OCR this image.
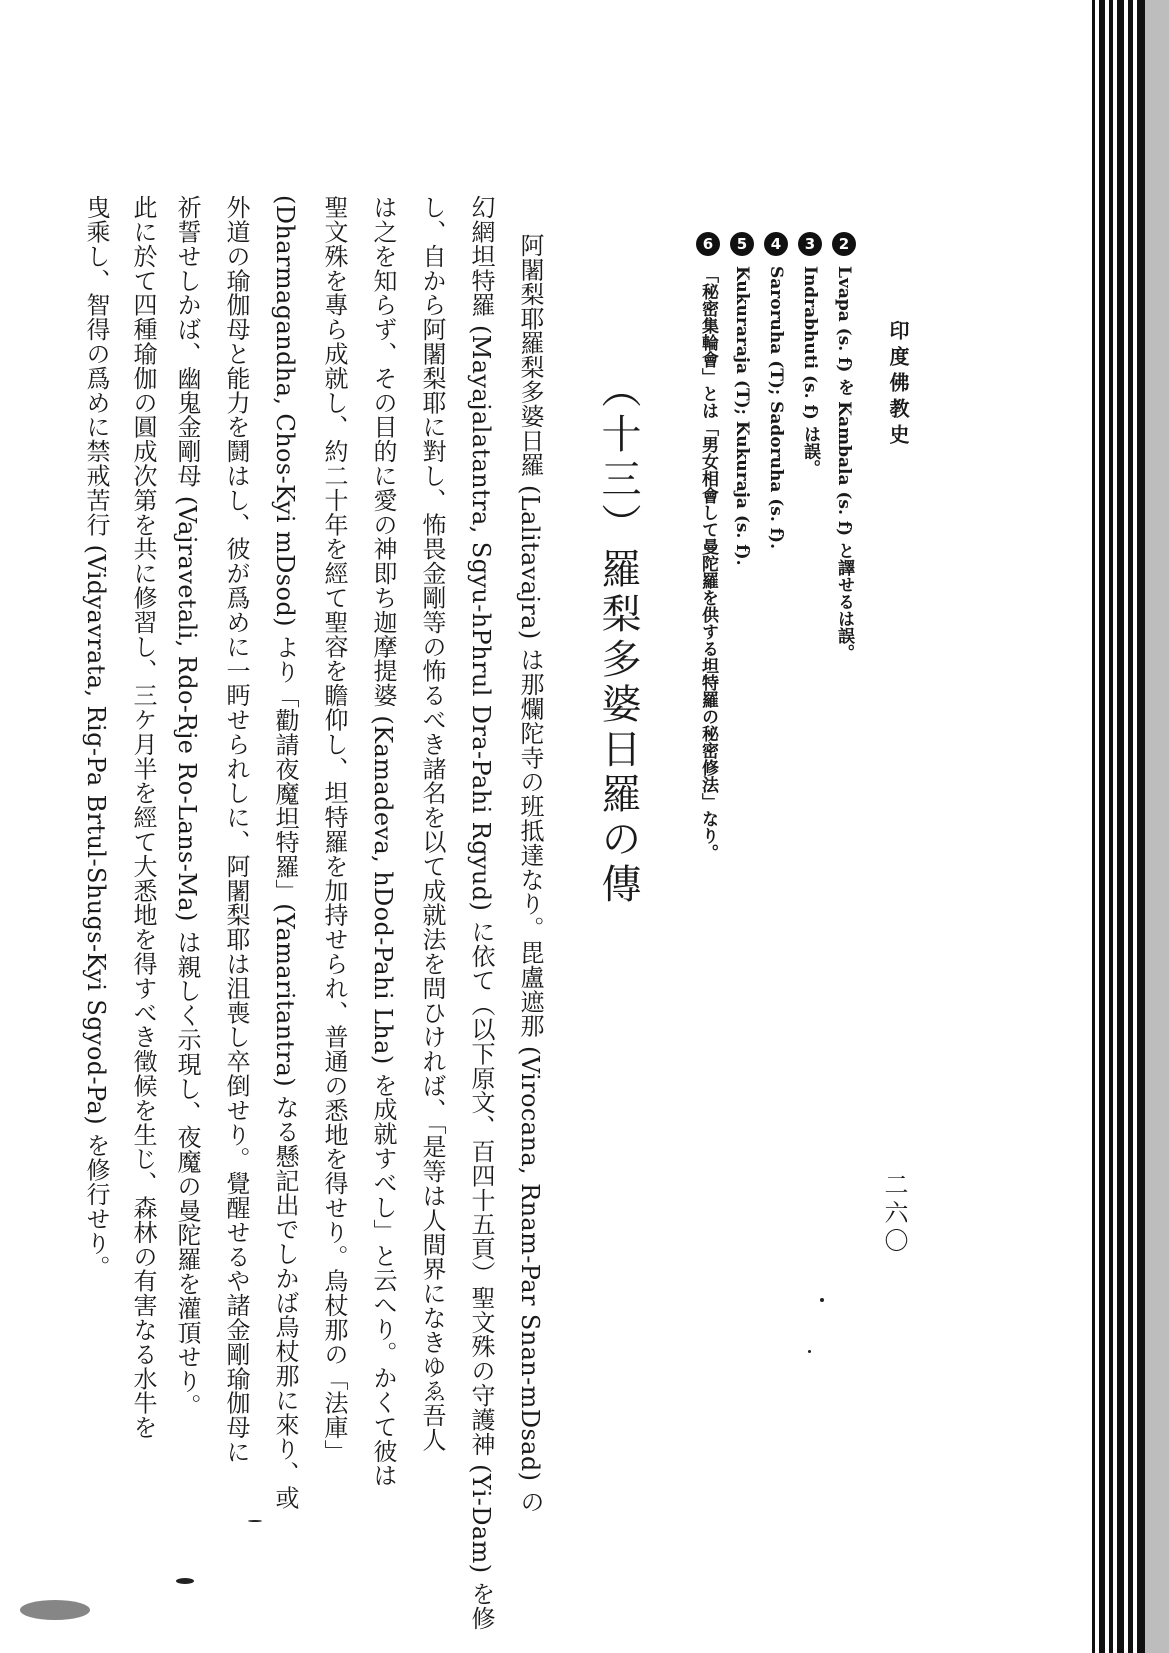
印度佛教史
二六〇
2Lvapa (s. f) を Kambala (s. f) と譯せるは誤。
3Indrabhuti (s. f) は誤。
4Saroruha (T); Sadoruha (s. f).
5Kukuraraja (T); Kukuraja (s. f).
6「秘密集輪會」とは「男女相會して曼陀羅を供する坦特羅の秘密修法」なり。
（十三）羅梨多婆日羅の傳
阿闍梨耶羅梨多婆日羅 (Lalitavajra) は那爛陀寺の班抵達なり。毘盧遮那 (Virocana, Rnam-Par Snan-mDsad) の
幻網坦特羅 (Mayajalatantra, Sgyu-hPhrul Dra-Pahi Rgyud) に依て（以下原文、百四十五頁）聖文殊の守護神 (Yi-Dam) を修
し、自から阿闍梨耶に對し、怖畏金剛等の怖るべき諸名を以て成就法を問ひければ、「是等は人間界になきゆゑ吾人
は之を知らず、その目的に愛の神即ち迦摩提婆 (Kamadeva, hDod-Pahi Lha) を成就すべし」と云へり。かくて彼は
聖文殊を專ら成就し、約二十年を經て聖容を瞻仰し、坦特羅を加持せられ、普通の悉地を得せり。烏杖那の「法庫」
(Dharmagandha, Chos-Kyi mDsod) より「勸請夜魔坦特羅」(Yamaritantra) なる懸記出でしかば烏杖那に來り、或
外道の瑜伽母と能力を鬪はし、彼が爲めに一眄せられしに、阿闍梨耶は沮喪し卒倒せり。覺醒せるや諸金剛瑜伽母に
祈誓せしかば、幽鬼金剛母 (Vajravetali, Rdo-Rje Ro-Lans-Ma) は親しく示現し、夜魔の曼陀羅を灌頂せり。
此に於て四種瑜伽の圓成次第を共に修習し、三ケ月半を經て大悉地を得すべき徵候を生じ、森林の有害なる水牛を
曳乘し、智得の爲めに禁戒苦行 (Vidyavrata, Rig-Pa Brtul-Shugs-Kyi Sgyod-Pa) を修行せり。
